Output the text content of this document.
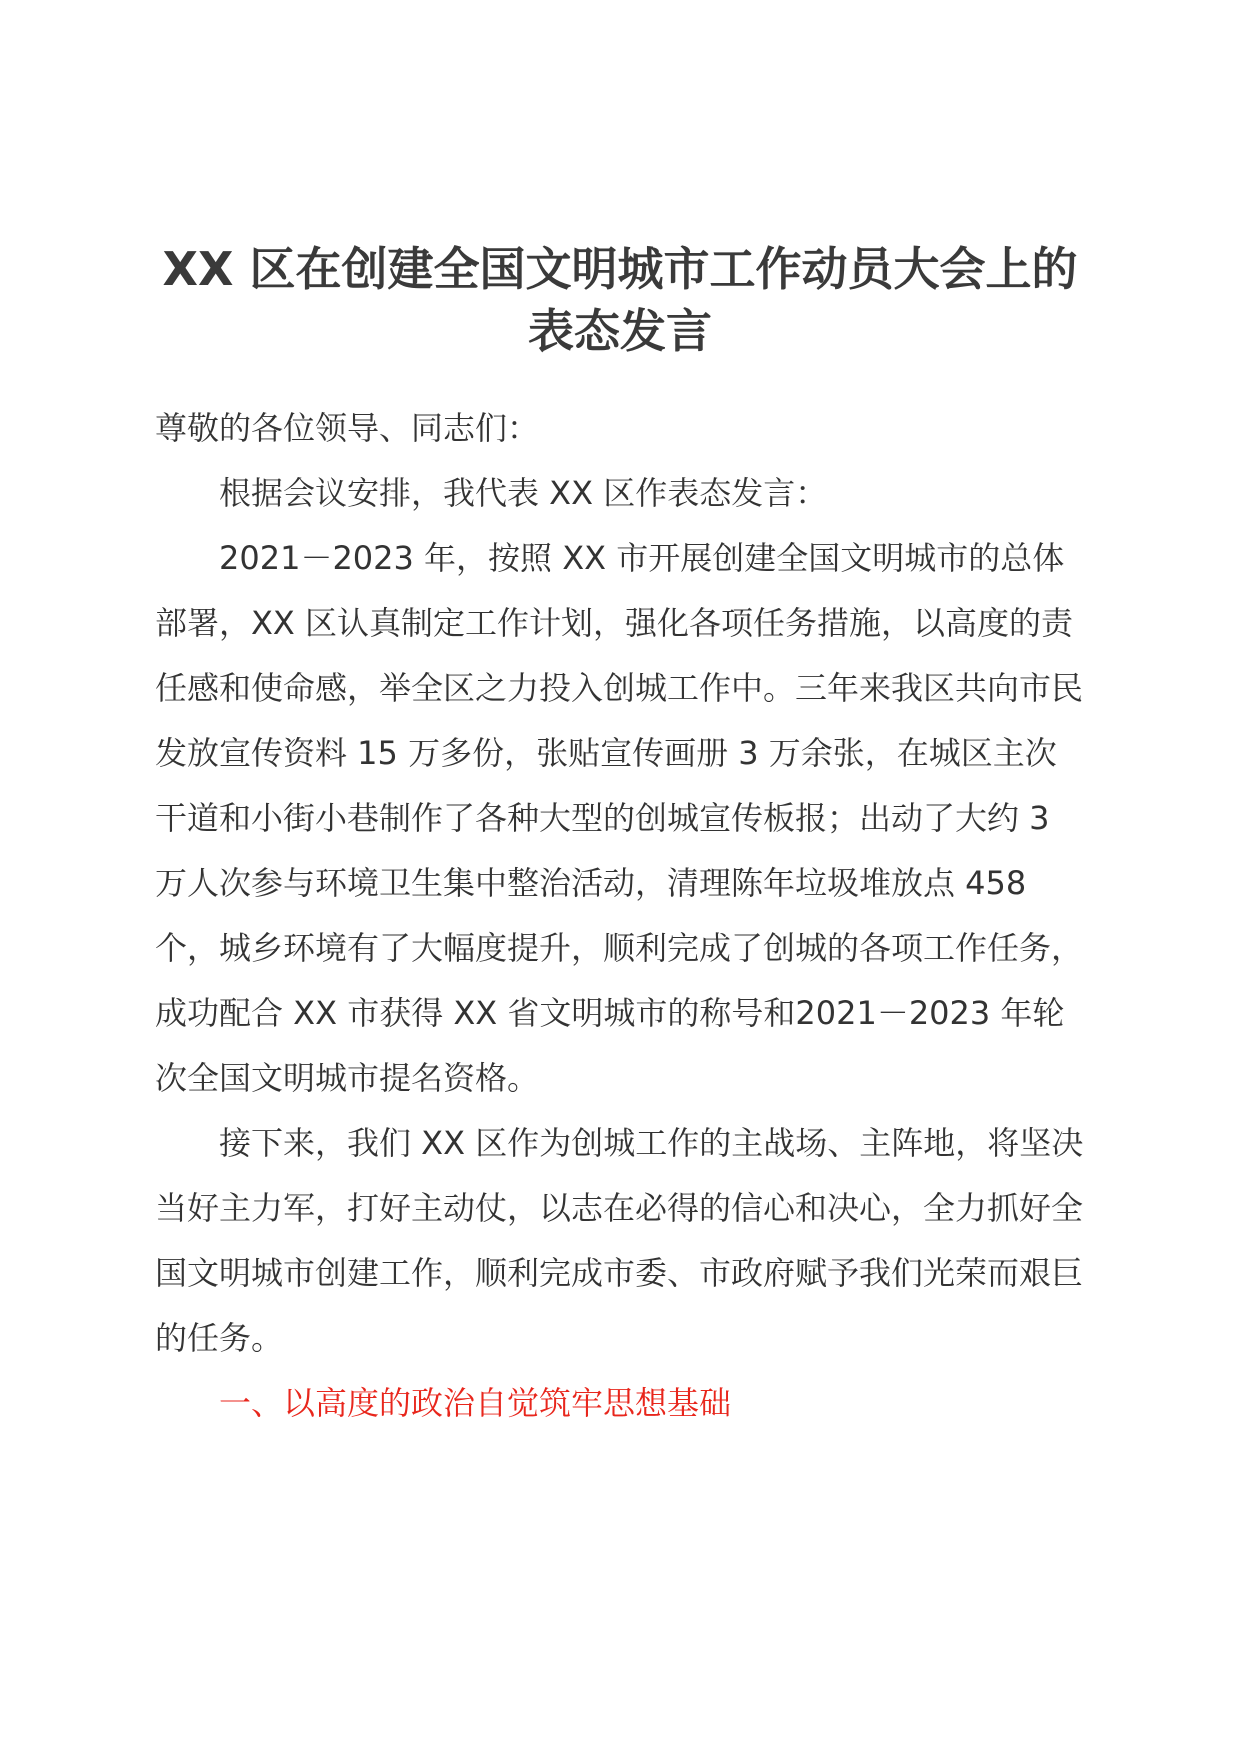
XX 区在创建全国文明城市工作动员大会上的表态发言

尊敬的各位领导、同志们：

根据会议安排，我代表 XX 区作表态发言：

2021－2023 年，按照 XX 市开展创建全国文明城市的总体部署，XX 区认真制定工作计划，强化各项任务措施，以高度的责任感和使命感，举全区之力投入创城工作中。三年来我区共向市民发放宣传资料 15 万多份，张贴宣传画册 3 万余张，在城区主次干道和小街小巷制作了各种大型的创城宣传板报；出动了大约 3 万人次参与环境卫生集中整治活动，清理陈年垃圾堆放点 458 个，城乡环境有了大幅度提升，顺利完成了创城的各项工作任务，成功配合 XX 市获得 XX 省文明城市的称号和2021－2023 年轮次全国文明城市提名资格。

接下来，我们 XX 区作为创城工作的主战场、主阵地，将坚决当好主力军，打好主动仗，以志在必得的信心和决心，全力抓好全国文明城市创建工作，顺利完成市委、市政府赋予我们光荣而艰巨的任务。

一、以高度的政治自觉筑牢思想基础
